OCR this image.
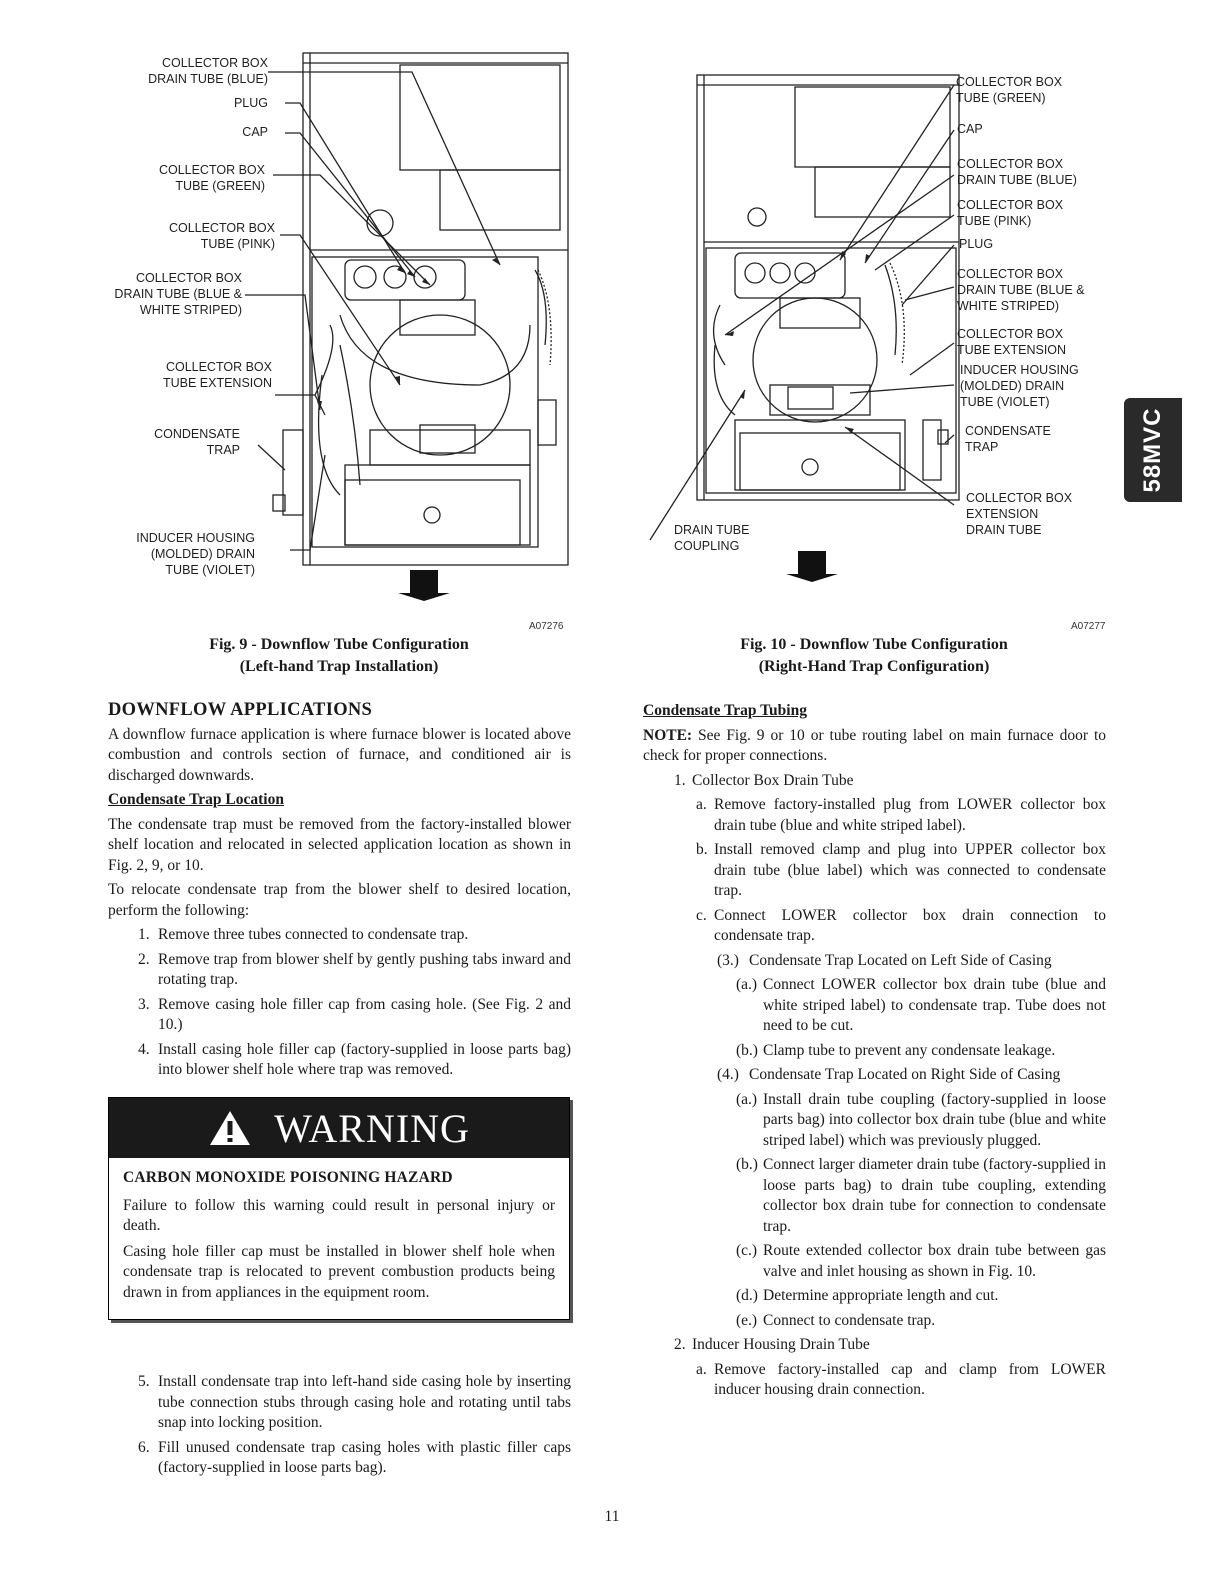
COLLECTOR BOX
DRAIN TUBE (BLUE)
PLUG
CAP
COLLECTOR BOX
TUBE (GREEN)
COLLECTOR BOX
TUBE (PINK)
COLLECTOR BOX
DRAIN TUBE (BLUE &
WHITE STRIPED)
COLLECTOR BOX
TUBE EXTENSION
CONDENSATE
TRAP
INDUCER HOUSING
(MOLDED) DRAIN
TUBE (VIOLET)
A07276
Fig. 9 - Downflow Tube Configuration
(Left-hand Trap Installation)
COLLECTOR BOX
TUBE (GREEN)
CAP
COLLECTOR BOX
DRAIN TUBE (BLUE)
COLLECTOR BOX
TUBE (PINK)
PLUG
COLLECTOR BOX
DRAIN TUBE (BLUE &
WHITE STRIPED)
COLLECTOR BOX
TUBE EXTENSION
INDUCER HOUSING
(MOLDED) DRAIN
TUBE (VIOLET)
CONDENSATE
TRAP
COLLECTOR BOX
EXTENSION
DRAIN TUBE
DRAIN TUBE
COUPLING
A07277
Fig. 10 - Downflow Tube Configuration
(Right-Hand Trap Configuration)
DOWNFLOW APPLICATIONS

A downflow furnace application is where furnace blower is located above combustion and controls section of furnace, and conditioned air is discharged downwards.

Condensate Trap Location

The condensate trap must be removed from the factory-installed blower shelf location and relocated in selected application location as shown in Fig. 2, 9, or 10.

To relocate condensate trap from the blower shelf to desired location, perform the following:

1. Remove three tubes connected to condensate trap.
2. Remove trap from blower shelf by gently pushing tabs inward and rotating trap.
3. Remove casing hole filler cap from casing hole. (See Fig. 2 and 10.)
4. Install casing hole filler cap (factory-supplied in loose parts bag) into blower shelf hole where trap was removed.
WARNING
CARBON MONOXIDE POISONING HAZARD

Failure to follow this warning could result in personal injury or death.

Casing hole filler cap must be installed in blower shelf hole when condensate trap is relocated to prevent combustion products being drawn in from appliances in the equipment room.

5. Install condensate trap into left-hand side casing hole by inserting tube connection stubs through casing hole and rotating until tabs snap into locking position.
6. Fill unused condensate trap casing holes with plastic filler caps (factory-supplied in loose parts bag).
Condensate Trap Tubing

NOTE: See Fig. 9 or 10 or tube routing label on main furnace door to check for proper connections.

1. Collector Box Drain Tube
a. Remove factory-installed plug from LOWER collector box drain tube (blue and white striped label).
b. Install removed clamp and plug into UPPER collector box drain tube (blue label) which was connected to condensate trap.
c. Connect LOWER collector box drain connection to condensate trap.
(3.) Condensate Trap Located on Left Side of Casing
(a.) Connect LOWER collector box drain tube (blue and white striped label) to condensate trap. Tube does not need to be cut.
(b.) Clamp tube to prevent any condensate leakage.
(4.) Condensate Trap Located on Right Side of Casing
(a.) Install drain tube coupling (factory-supplied in loose parts bag) into collector box drain tube (blue and white striped label) which was previously plugged.
(b.) Connect larger diameter drain tube (factory-supplied in loose parts bag) to drain tube coupling, extending collector box drain tube for connection to condensate trap.
(c.) Route extended collector box drain tube between gas valve and inlet housing as shown in Fig. 10.
(d.) Determine appropriate length and cut.
(e.) Connect to condensate trap.
2. Inducer Housing Drain Tube
a. Remove factory-installed cap and clamp from LOWER inducer housing drain connection.
58MVC
11
